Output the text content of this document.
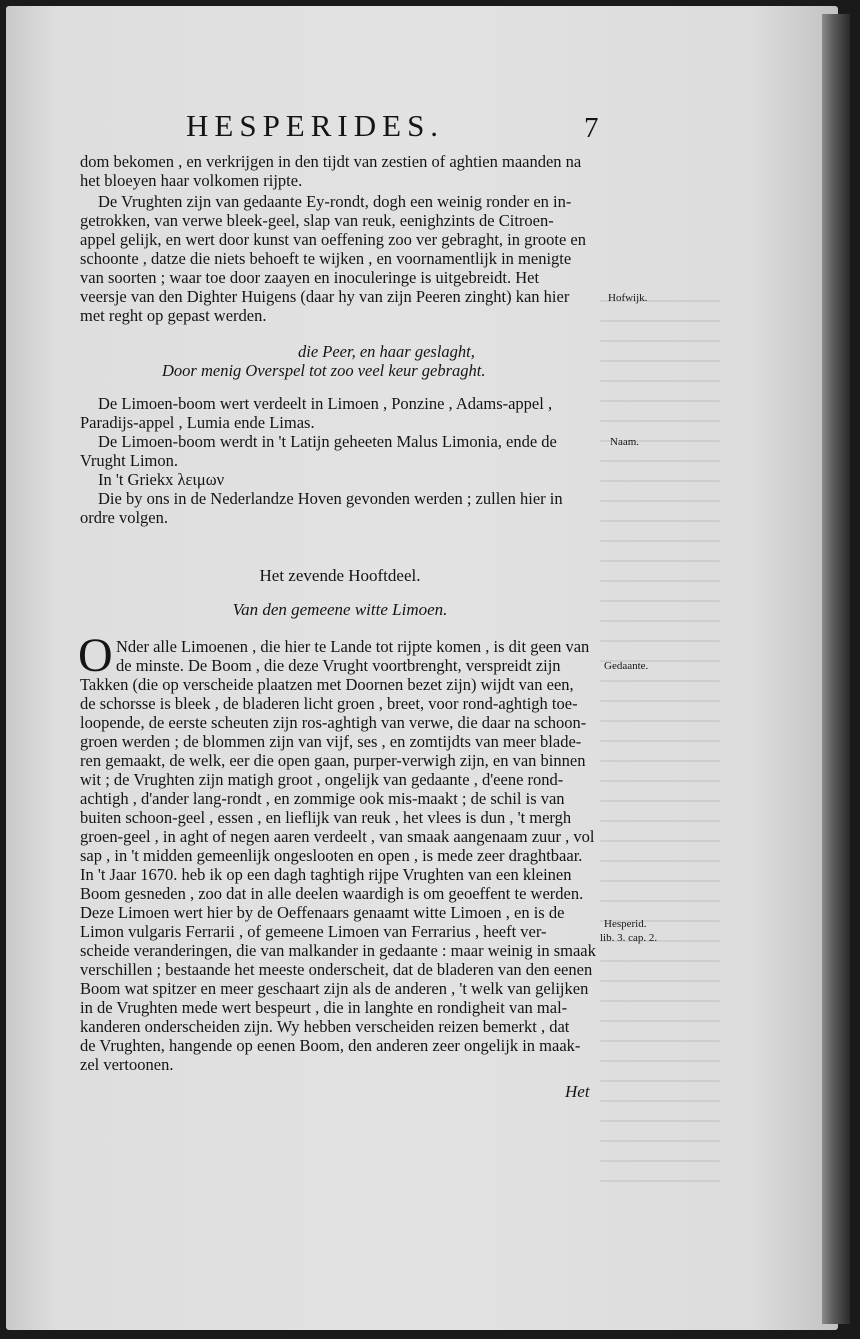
HESPERIDES.	7
dom bekomen , en verkrijgen in den tijdt van zestien of aghtien maanden na
het bloeyen haar volkomen rijpte.
De Vrughten zijn van gedaante Ey-rondt, dogh een weinig ronder en in-
getrokken, van verwe bleek-geel, slap van reuk, eenighzints de Citroen-
appel gelijk, en wert door kunst van oeffening zoo ver gebraght, in groote en
schoonte , datze die niets behoeft te wijken , en voornamentlijk in menigte
van soorten ; waar toe door zaayen en inoculeringe is uitgebreidt. Het
veersje van den Dighter Huigens (daar hy van zijn Peeren zinght) kan hier
met reght op gepast werden.
Hofwijk.
die Peer, en haar geslaght,
Door menig Overspel tot zoo veel keur gebraght.
De Limoen-boom wert verdeelt in Limoen , Ponzine , Adams-appel ,
Paradijs-appel , Lumia ende Limas.
De Limoen-boom werdt in 't Latijn geheeten Malus Limonia, ende de
Vrught Limon.
Naam.
In 't Griekx λειμων
Die by ons in de Nederlandze Hoven gevonden werden ; zullen hier in
ordre volgen.
Het zevende Hooftdeel.
Van den gemeene witte Limoen.
O Nder alle Limoenen , die hier te Lande tot rijpte komen , is dit geen van
de minste. De Boom , die deze Vrught voortbrenght, verspreidt zijn	Gedaante.
Takken (die op verscheide plaatzen met Doornen bezet zijn) wijdt van een,
de schorsse is bleek , de bladeren licht groen , breet, voor rond-aghtigh toe-
loopende, de eerste scheuten zijn ros-aghtigh van verwe, die daar na schoon-
groen werden ; de blommen zijn van vijf, ses , en zomtijdts van meer blade-
ren gemaakt, de welk, eer die open gaan, purper-verwigh zijn, en van binnen
wit ; de Vrughten zijn matigh groot , ongelijk van gedaante , d'eene rond-
achtigh , d'ander lang-rondt , en zommige ook mis-maakt ; de schil is van
buiten schoon-geel , essen , en lieflijk van reuk , het vlees is dun , 't mergh
groen-geel , in aght of negen aaren verdeelt , van smaak aangenaam zuur , vol
sap , in 't midden gemeenlijk ongeslooten en open , is mede zeer draghtbaar.
In 't Jaar 1670. heb ik op een dagh taghtigh rijpe Vrughten van een kleinen
Boom gesneden , zoo dat in alle deelen waardigh is om geoeffent te werden.
Deze Limoen wert hier by de Oeffenaars genaamt witte Limoen , en is de
Limon vulgaris Ferrarii , of gemeene Limoen van Ferrarius , heeft ver-
scheide veranderingen, die van malkander in gedaante : maar weinig in smaak
verschillen ; bestaande het meeste onderscheit, dat de bladeren van den eenen
Boom wat spitzer en meer geschaart zijn als de anderen , 't welk van gelijken
in de Vrughten mede wert bespeurt , die in langhte en rondigheit van mal-
kanderen onderscheiden zijn. Wy hebben verscheiden reizen bemerkt , dat
de Vrughten, hangende op eenen Boom, den anderen zeer ongelijk in maak-
zel vertoonen.
Hesperid.
lib. 3. cap. 2.
Het
